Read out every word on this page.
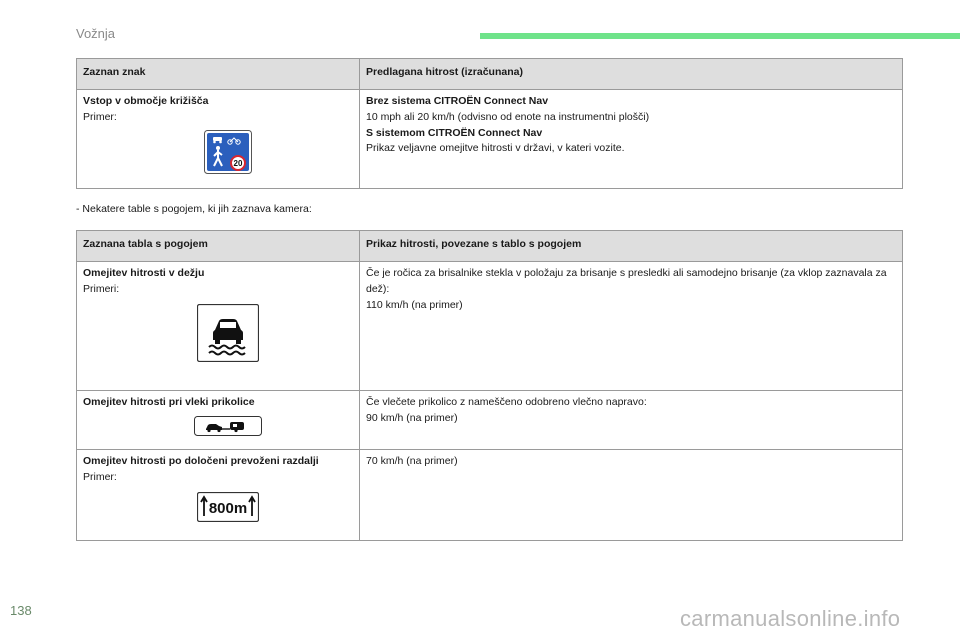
Vožnja
Zaznan znak	Predlagana hitrost (izračunana)

Vstop v območje križišča
Primer:
20	Brez sistema CITROËN Connect Nav
10 mph ali 20 km/h (odvisno od enote na instrumentni plošči)
S sistemom CITROËN Connect Nav
Prikaz veljavne omejitve hitrosti v državi, v kateri vozite.
- Nekatere table s pogojem, ki jih zaznava kamera:
Zaznana tabla s pogojem	Prikaz hitrosti, povezane s tablo s pogojem

Omejitev hitrosti v dežju
Primeri:	Če je ročica za brisalnike stekla v položaju za brisanje s presledki ali samodejno brisanje (za vklop zaznavala za dež):
110 km/h (na primer)

Omejitev hitrosti pri vleki prikolice	Če vlečete prikolico z nameščeno odobreno vlečno napravo:
90 km/h (na primer)

Omejitev hitrosti po določeni prevoženi razdalji
Primer:
800m	70 km/h (na primer)
138	carmanualsonline.info
